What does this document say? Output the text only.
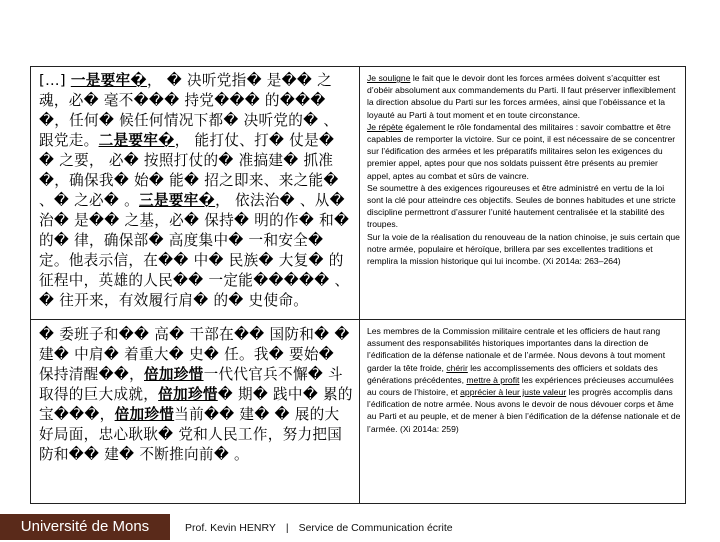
[…] 一是要牢�， � 决听党指� 是�� 之魂，必� 毫不��� 持党��� 的����，任何� 候任何情况下都� 决听党的� 、跟党走。二是要牢�， 能打仗、打� 仗是� � 之要， 必� 按照打仗的� 准搞建� 抓准�，确保我� 始� 能� 招之即来、来之能� 、� 之必� 。三是要牢�， 依法治� 、从� 治� 是�� 之基，必� 保持� 明的作� 和� 的� 律，确保部� 高度集中� 一和安全� 定。他表示信，在�� 中� 民族� 大复� 的征程中，英雄的人民�� 一定能����� 、� 往开来，有效履行肩� 的� 史使命。
Je souligne le fait que le devoir dont les forces armées doivent s’acquitter est d’obéir absolument aux commandements du Parti. Il faut préserver inflexiblement la direction absolue du Parti sur les forces armées, ainsi que l’obéissance et la loyauté au Parti à tout moment et en toute circonstance.
Je répète également le rôle fondamental des militaires : savoir combattre et être capables de remporter la victoire. Sur ce point, il est nécessaire de se concentrer sur l’édification des armées et les préparatifs militaires selon les exigences du premier appel, aptes pour que nos soldats puissent être présents au premier appel, aptes au combat et sûrs de vaincre.
Se soumettre à des exigences rigoureuses et être administré en vertu de la loi sont la clé pour atteindre ces objectifs. Seules de bonnes habitudes et une stricte discipline permettront d’assurer l’unité hautement centralisée et la stabilité des troupes.
Sur la voie de la réalisation du renouveau de la nation chinoise, je suis certain que notre armée, populaire et héroïque, brillera par ses excellentes traditions et remplira la mission historique qui lui incombe. (Xi 2014a: 263–264)
� 委班子和�� 高� 干部在�� 国防和� � 建� 中肩� 着重大� 史� 任。我� 要始� 保持清醒��，倍加珍惜一代代官兵不懈� 斗取得的巨大成就，倍加珍惜� 期� 践中� 累的宝���，倍加珍惜当前�� 建� � 展的大好局面，忠心耿耿� 党和人民工作，努力把国防和�� 建� 不断推向前� 。
Les membres de la Commission militaire centrale et les officiers de haut rang assument des responsabilités historiques importantes dans la direction de l’édification de la défense nationale et de l’armée. Nous devons à tout moment garder la tête froide, chérir les accomplissements des officiers et soldats des générations précédentes, mettre à profit les expériences précieuses accumulées au cours de l’histoire, et apprécier à leur juste valeur les progrès accomplis dans l’édification de notre armée. Nous avons le devoir de nous dévouer corps et âme au Parti et au peuple, et de mener à bien l’édification de la défense nationale et de l’armée. (Xi 2014a: 259)
Université de Mons	Prof. Kevin HENRY | Service de Communication écrite
